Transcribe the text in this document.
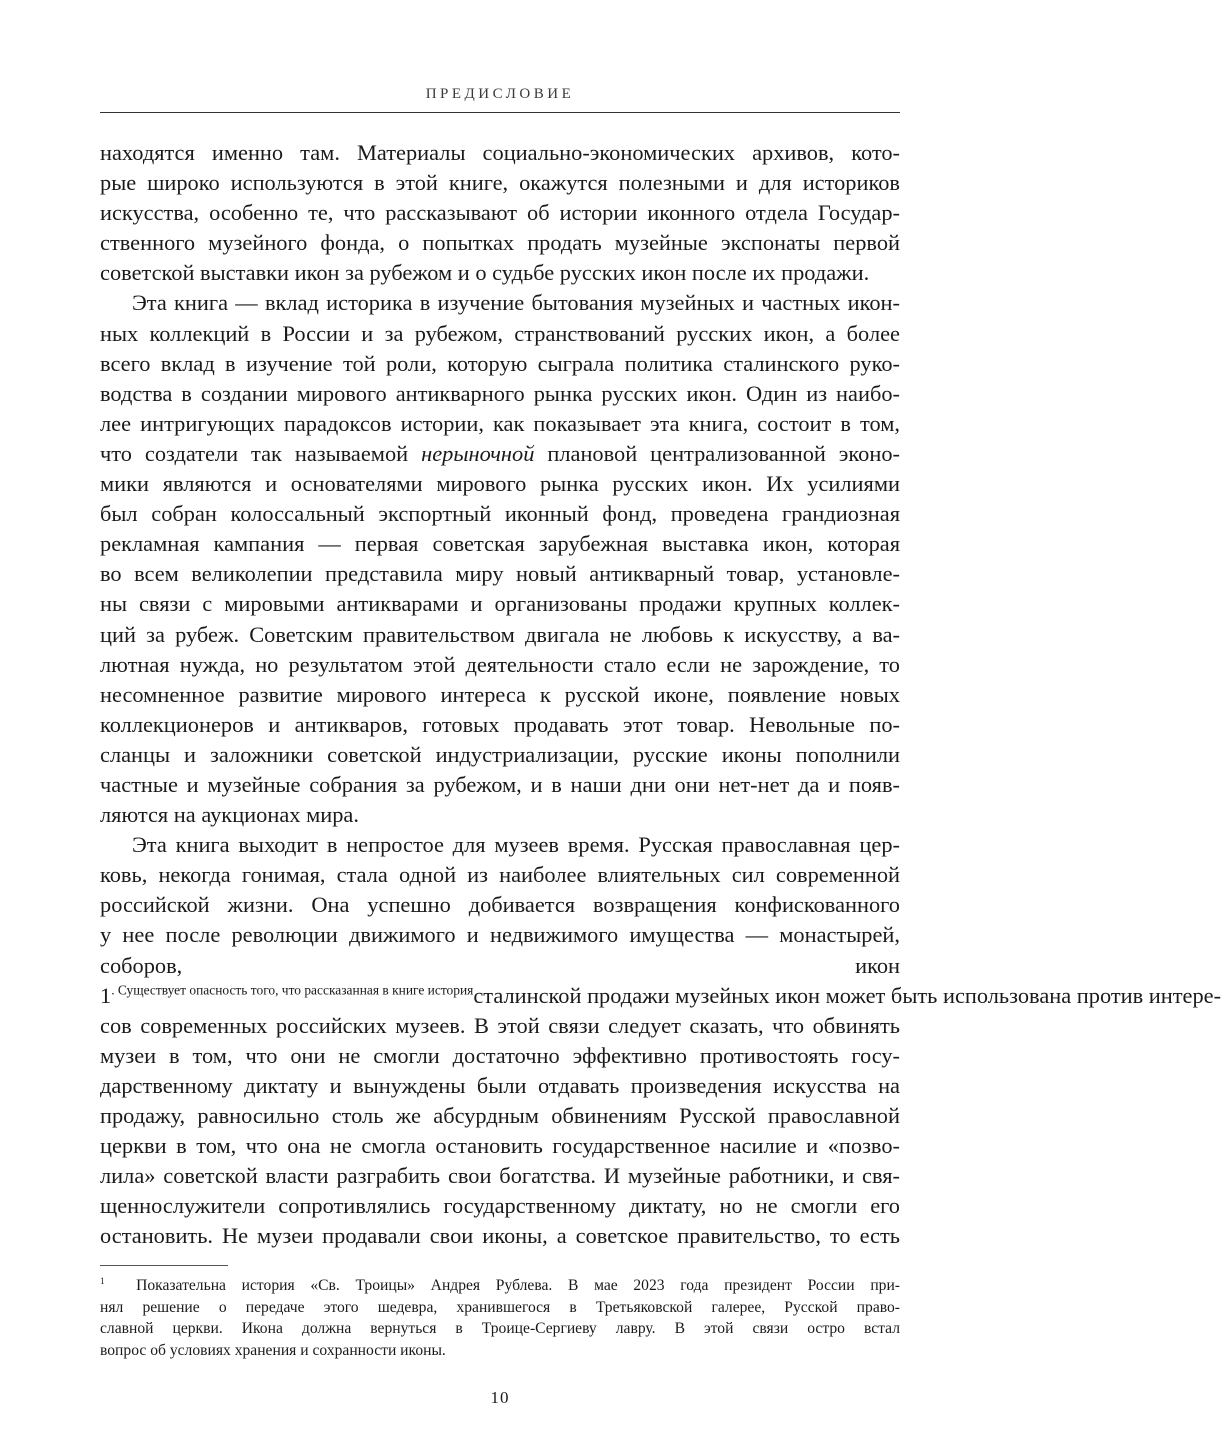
ПРЕДИСЛОВИЕ
находятся именно там. Материалы социально-экономических архивов, кото-
рые широко используются в этой книге, окажутся полезными и для историков
искусства, особенно те, что рассказывают об истории иконного отдела Государ-
ственного музейного фонда, о попытках продать музейные экспонаты первой
советской выставки икон за рубежом и о судьбе русских икон после их продажи.
Эта книга — вклад историка в изучение бытования музейных и частных икон-
ных коллекций в России и за рубежом, странствований русских икон, а более
всего вклад в изучение той роли, которую сыграла политика сталинского руко-
водства в создании мирового антикварного рынка русских икон. Один из наибо-
лее интригующих парадоксов истории, как показывает эта книга, состоит в том,
что создатели так называемой нерыночной плановой централизованной эконо-
мики являются и основателями мирового рынка русских икон. Их усилиями
был собран колоссальный экспортный иконный фонд, проведена грандиозная
рекламная кампания — первая советская зарубежная выставка икон, которая
во всем великолепии представила миру новый антикварный товар, установле-
ны связи с мировыми антикварами и организованы продажи крупных коллек-
ций за рубеж. Советским правительством двигала не любовь к искусству, а ва-
лютная нужда, но результатом этой деятельности стало если не зарождение, то
несомненное развитие мирового интереса к русской иконе, появление новых
коллекционеров и антикваров, готовых продавать этот товар. Невольные по-
сланцы и заложники советской индустриализации, русские иконы пополнили
частные и музейные собрания за рубежом, и в наши дни они нет-нет да и появ-
ляются на аукционах мира.
Эта книга выходит в непростое для музеев время. Русская православная цер-
ковь, некогда гонимая, стала одной из наиболее влиятельных сил современной
российской жизни. Она успешно добивается возвращения конфискованного
у нее после революции движимого и недвижимого имущества — монастырей,
соборов, икон
$1^{. Существует опасность того, что рассказанная в книге история}сталинской$ продажи музейных икон может быть использована против интере-
сов современных российских музеев. В этой связи следует сказать, что обвинять
музеи в том, что они не смогли достаточно эффективно противостоять госу-
дарственному диктату и вынуждены были отдавать произведения искусства на
продажу, равносильно столь же абсурдным обвинениям Русской православной
церкви в том, что она не смогла остановить государственное насилие и «позво-
лила» советской власти разграбить свои богатства. И музейные работники, и свя-
щеннослужители сопротивлялись государственному диктату, но не смогли его
остановить. Не музеи продавали свои иконы, а советское правительство, то есть
$^1$ Показательна история «Св. Троицы» Андрея Рублева. В мае 2023 года президент России при-
нял решение о передаче этого шедевра, хранившегося в Третьяковской галерее, Русской право-
славной церкви. Икона должна вернуться в Троице-Сергиеву лавру. В этой связи остро встал
вопрос об условиях хранения и сохранности иконы.
10
